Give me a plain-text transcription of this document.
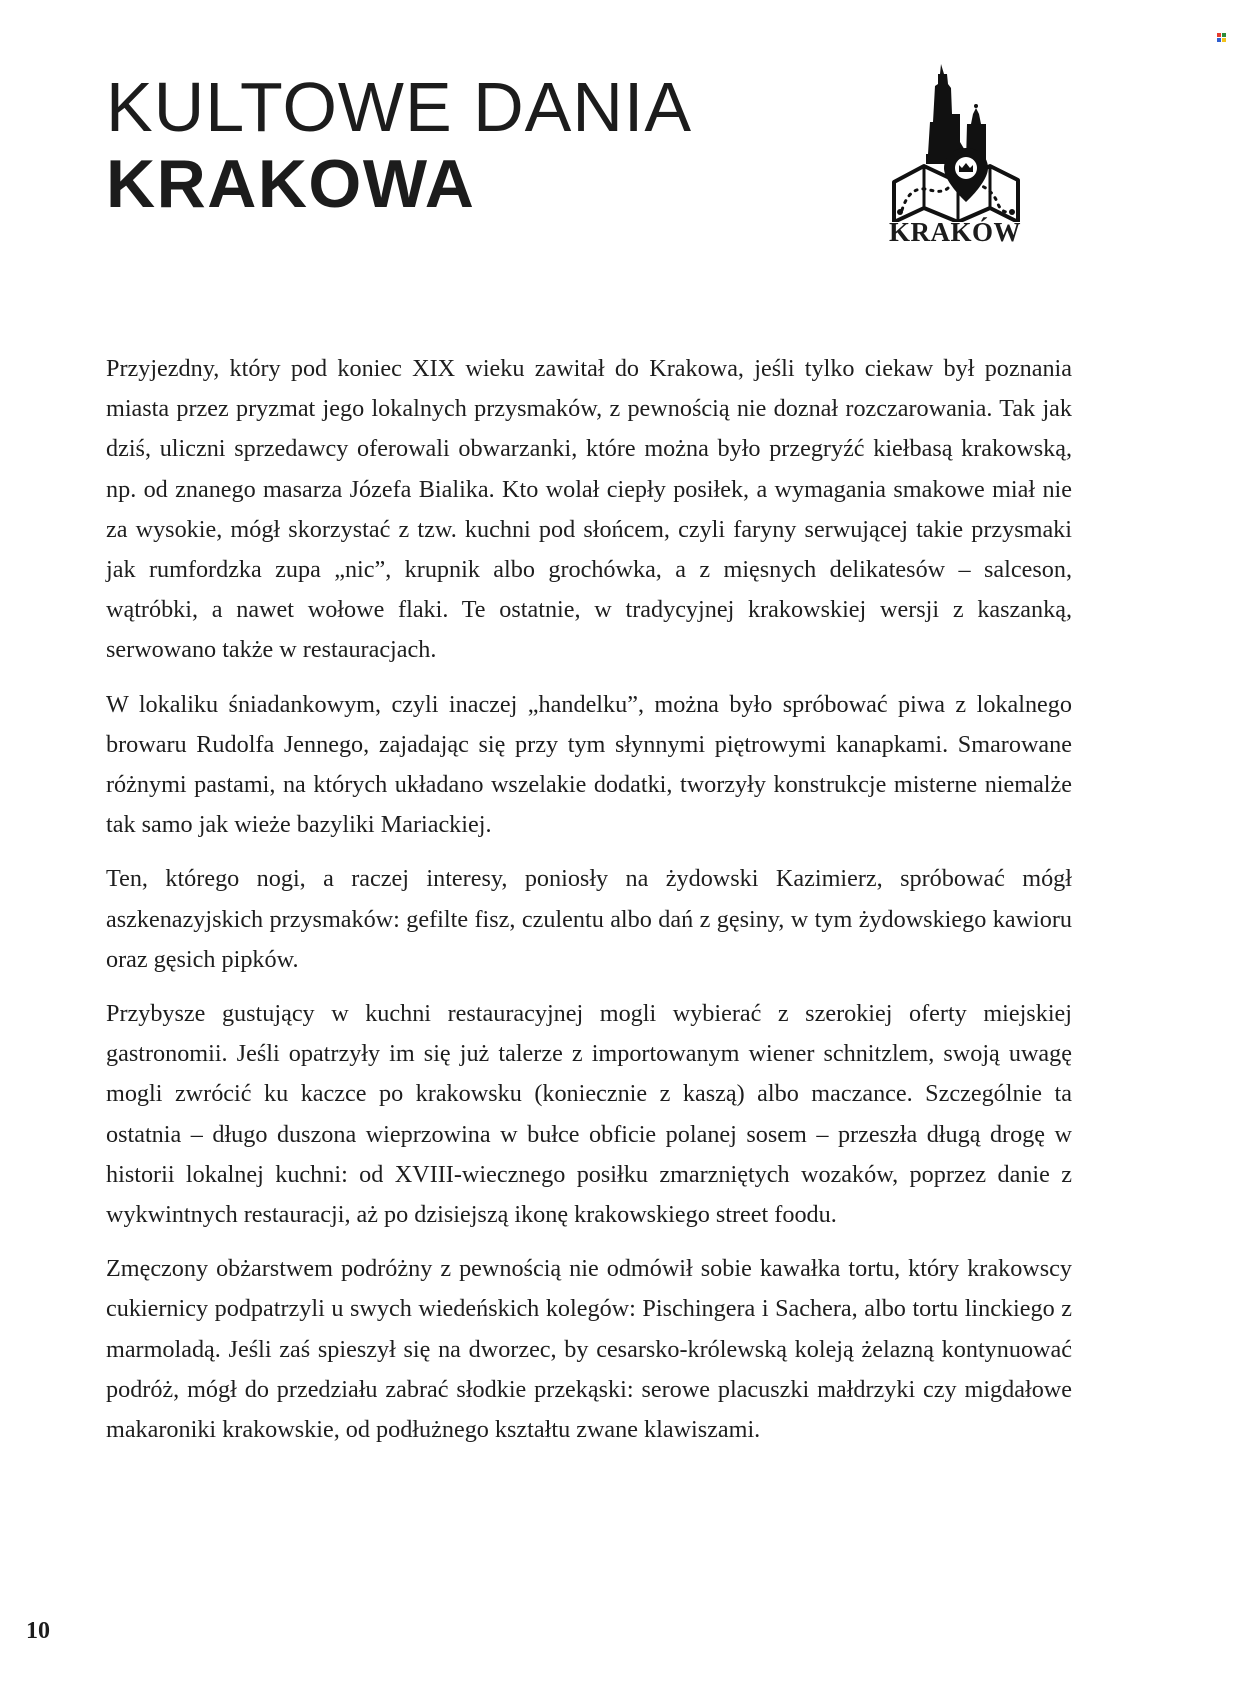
KULTOWE DANIA
KRAKOWA
KRAKÓW

Przyjezdny, który pod koniec XIX wieku zawitał do Krakowa, jeśli tylko ciekaw był poznania miasta przez pryzmat jego lokalnych przysmaków, z pewnością nie doznał rozczarowania. Tak jak dziś, uliczni sprzedawcy oferowali obwarzanki, które można było przegryźć kiełbasą krakowską, np. od znanego masarza Józefa Bialika. Kto wolał ciepły posiłek, a wymagania smakowe miał nie za wysokie, mógł skorzystać z tzw. kuchni pod słońcem, czyli faryny serwującej takie przysmaki jak rumfordzka zupa „nic”, krupnik albo grochówka, a z mięsnych delikatesów – salceson, wątróbki, a nawet wołowe flaki. Te ostatnie, w tradycyjnej krakowskiej wersji z kaszanką, serwowano także w restauracjach.

W lokaliku śniadankowym, czyli inaczej „handelku”, można było spróbować piwa z lokalnego browaru Rudolfa Jennego, zajadając się przy tym słynnymi piętrowymi kanapkami. Smarowane różnymi pastami, na których układano wszelakie dodatki, tworzyły konstrukcje misterne niemalże tak samo jak wieże bazyliki Mariackiej.

Ten, którego nogi, a raczej interesy, poniosły na żydowski Kazimierz, spróbować mógł aszkenazyjskich przysmaków: gefilte fisz, czulentu albo dań z gęsiny, w tym żydowskiego kawioru oraz gęsich pipków.

Przybysze gustujący w kuchni restauracyjnej mogli wybierać z szerokiej oferty miejskiej gastronomii. Jeśli opatrzyły im się już talerze z importowanym wiener schnitzlem, swoją uwagę mogli zwrócić ku kaczce po krakowsku (koniecznie z kaszą) albo maczance. Szczególnie ta ostatnia – długo duszona wieprzowina w bułce obficie polanej sosem – przeszła długą drogę w historii lokalnej kuchni: od XVIII-wiecznego posiłku zmarzniętych wozaków, poprzez danie z wykwintnych restauracji, aż po dzisiejszą ikonę krakowskiego street foodu.

Zmęczony obżarstwem podróżny z pewnością nie odmówił sobie kawałka tortu, który krakowscy cukiernicy podpatrzyli u swych wiedeńskich kolegów: Pischingera i Sachera, albo tortu linckiego z marmoladą. Jeśli zaś spieszył się na dworzec, by cesarsko-królewską koleją żelazną kontynuować podróż, mógł do przedziału zabrać słodkie przekąski: serowe placuszki małdrzyki czy migdałowe makaroniki krakowskie, od podłużnego kształtu zwane klawiszami.

10
